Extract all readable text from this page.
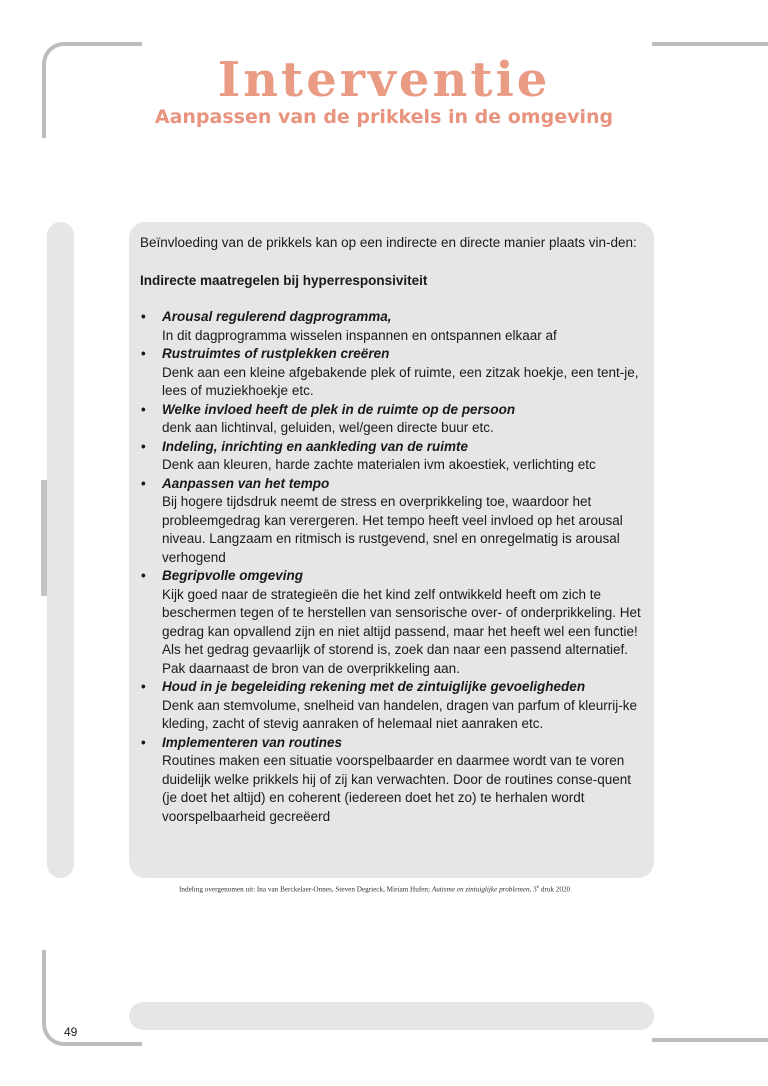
Interventie
Aanpassen van de prikkels in de omgeving

Beïnvloeding van de prikkels kan op een indirecte en directe manier plaats vin-den:

Indirecte maatregelen bij hyperresponsiviteit

• Arousal regulerend dagprogramma,
In dit dagprogramma wisselen inspannen en ontspannen elkaar af
• Rustruimtes of rustplekken creëren
Denk aan een kleine afgebakende plek of ruimte, een zitzak hoekje, een tent-je, lees of muziekhoekje etc.
• Welke invloed heeft de plek in de ruimte op de persoon
denk aan lichtinval, geluiden, wel/geen directe buur etc.
• Indeling, inrichting en aankleding van de ruimte
Denk aan kleuren, harde zachte materialen ivm akoestiek, verlichting etc
• Aanpassen van het tempo
Bij hogere tijdsdruk neemt de stress en overprikkeling toe, waardoor het probleemgedrag kan verergeren. Het tempo heeft veel invloed op het arousal niveau. Langzaam en ritmisch is rustgevend, snel en onregelmatig is arousal verhogend
• Begripvolle omgeving
Kijk goed naar de strategieën die het kind zelf ontwikkeld heeft om zich te beschermen tegen of te herstellen van sensorische over- of onderprikkeling. Het gedrag kan opvallend zijn en niet altijd passend, maar het heeft wel een functie!
Als het gedrag gevaarlijk of storend is, zoek dan naar een passend alternatief. Pak daarnaast de bron van de overprikkeling aan.
• Houd in je begeleiding rekening met de zintuiglijke gevoeligheden
Denk aan stemvolume, snelheid van handelen, dragen van parfum of kleurrij-ke kleding, zacht of stevig aanraken of helemaal niet aanraken etc.
• Implementeren van routines
Routines maken een situatie voorspelbaarder en daarmee wordt van te voren duidelijk welke prikkels hij of zij kan verwachten. Door de routines conse-quent (je doet het altijd) en coherent (iedereen doet het zo) te herhalen wordt voorspelbaarheid gecreëerd
Indeling overgenomen uit: Ina van Berckelaer-Onnes, Steven Degrieck, Miriam Hufen; Autisme en zintuiglijke problemen, 3e druk 2020
49
